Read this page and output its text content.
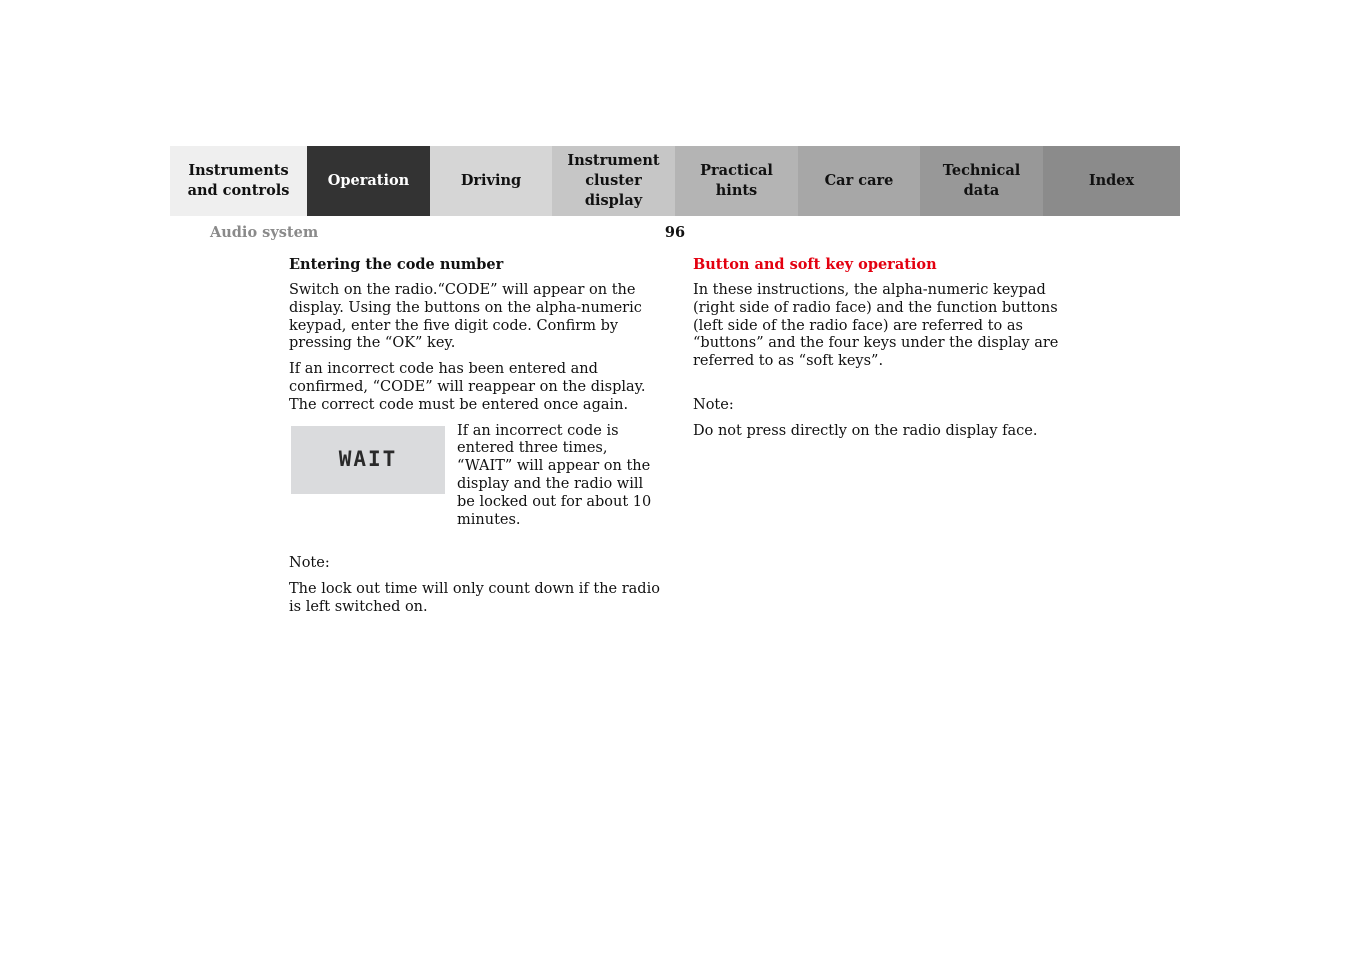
Instruments
and controls
Operation	Driving
Instrument
cluster display
Practical hints
Car care
Technical
data
Index
Audio system	96
Entering the code number

Switch on the radio.“CODE” will appear on the display. Using the buttons on the alpha-numeric keypad, enter the five digit code. Confirm by pressing the “OK” key.

If an incorrect code has been entered and confirmed, “CODE” will reappear on the display. The correct code must be entered once again.

WAIT
If an incorrect code is entered three times, “WAIT” will appear on the display and the radio will be locked out for about 10 minutes.

Note:

The lock out time will only count down if the radio is left switched on.

Button and soft key operation

In these instructions, the alpha-numeric keypad (right side of radio face) and the function buttons (left side of the radio face) are referred to as “buttons” and the four keys under the display are referred to as “soft keys”.

Note:

Do not press directly on the radio display face.
